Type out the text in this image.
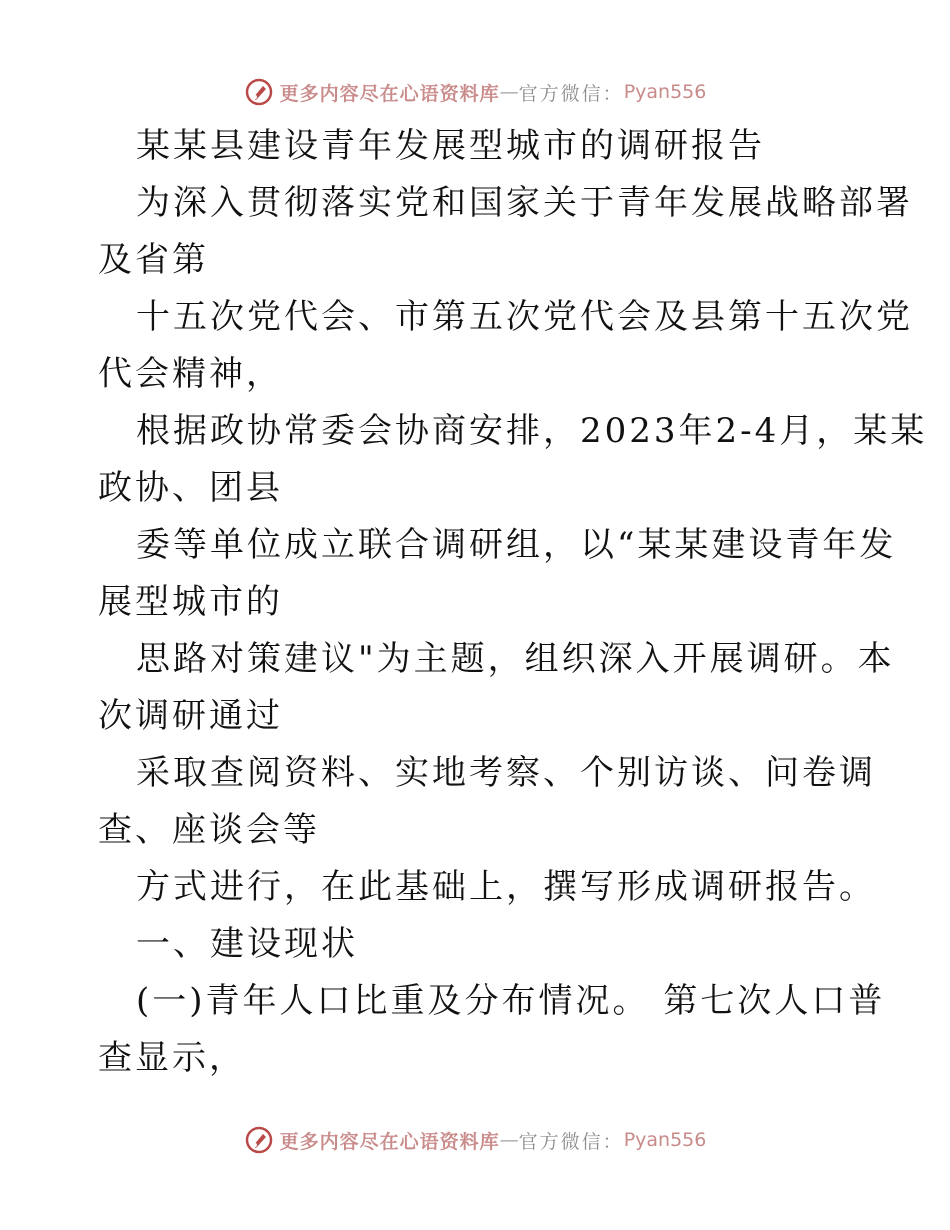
更多内容尽在心语资料库 — 官方微信： Pyan556
某某县建设青年发展型城市的调研报告
为深入贯彻落实党和国家关于青年发展战略部署
及省第
十五次党代会、市第五次党代会及县第十五次党
代会精神，
根据政协常委会协商安排，2023年2-4月，某某
政协、团县
委等单位成立联合调研组，以“某某建设青年发
展型城市的
思路对策建议"为主题，组织深入开展调研。本
次调研通过
采取查阅资料、实地考察、个别访谈、问卷调
查、座谈会等
方式进行，在此基础上，撰写形成调研报告。
一、建设现状
(一)青年人口比重及分布情况。 第七次人口普
查显示，
更多内容尽在心语资料库 — 官方微信： Pyan556
